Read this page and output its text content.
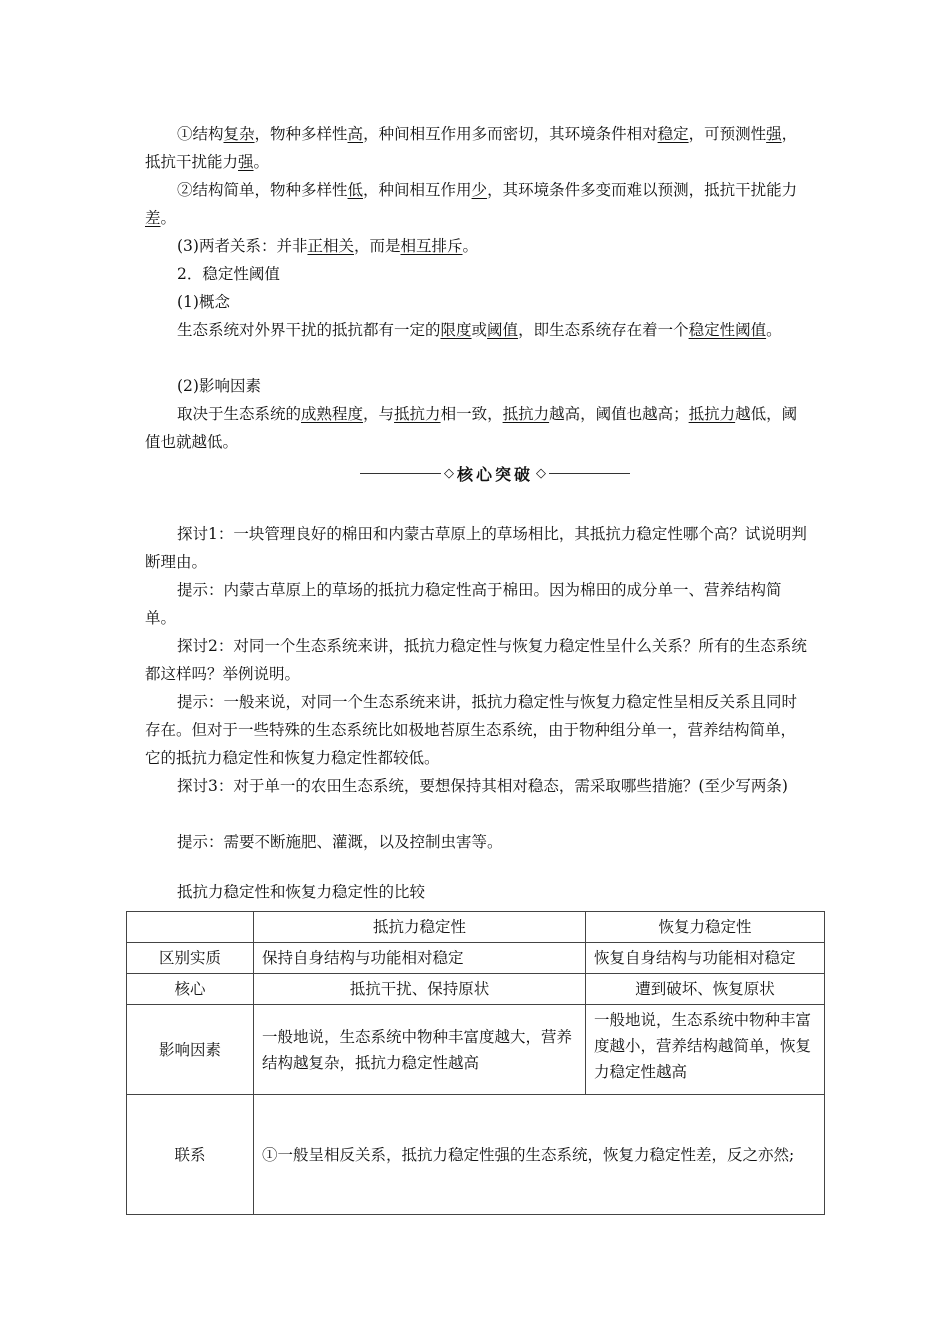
①结构复杂，物种多样性高，种间相互作用多而密切，其环境条件相对稳定，可预测性强，抵抗干扰能力强。

②结构简单，物种多样性低，种间相互作用少，其环境条件多变而难以预测，抵抗干扰能力差。

(3)两者关系：并非正相关，而是相互排斥。

2．稳定性阈值

(1)概念

生态系统对外界干扰的抵抗都有一定的限度或阈值，即生态系统存在着一个稳定性阈值。

(2)影响因素

取决于生态系统的成熟程度，与抵抗力相一致，抵抗力越高，阈值也越高；抵抗力越低，阈值也就越低。

◇ 核心突破 ◇

探讨1：一块管理良好的棉田和内蒙古草原上的草场相比，其抵抗力稳定性哪个高？试说明判断理由。

提示：内蒙古草原上的草场的抵抗力稳定性高于棉田。因为棉田的成分单一、营养结构简单。

探讨2：对同一个生态系统来讲，抵抗力稳定性与恢复力稳定性呈什么关系？所有的生态系统都这样吗？举例说明。

提示：一般来说，对同一个生态系统来讲，抵抗力稳定性与恢复力稳定性呈相反关系且同时存在。但对于一些特殊的生态系统比如极地苔原生态系统，由于物种组分单一，营养结构简单，它的抵抗力稳定性和恢复力稳定性都较低。

探讨3：对于单一的农田生态系统，要想保持其相对稳态，需采取哪些措施？(至少写两条)

提示：需要不断施肥、灌溉，以及控制虫害等。

抵抗力稳定性和恢复力稳定性的比较
	抵抗力稳定性	恢复力稳定性
区别实质	保持自身结构与功能相对稳定	恢复自身结构与功能相对稳定
核心	抵抗干扰、保持原状	遭到破坏、恢复原状
影响因素	一般地说，生态系统中物种丰富度越大，营养结构越复杂，抵抗力稳定性越高	一般地说，生态系统中物种丰富度越小，营养结构越简单，恢复力稳定性越高
联系	①一般呈相反关系，抵抗力稳定性强的生态系统，恢复力稳定性差，反之亦然;	
